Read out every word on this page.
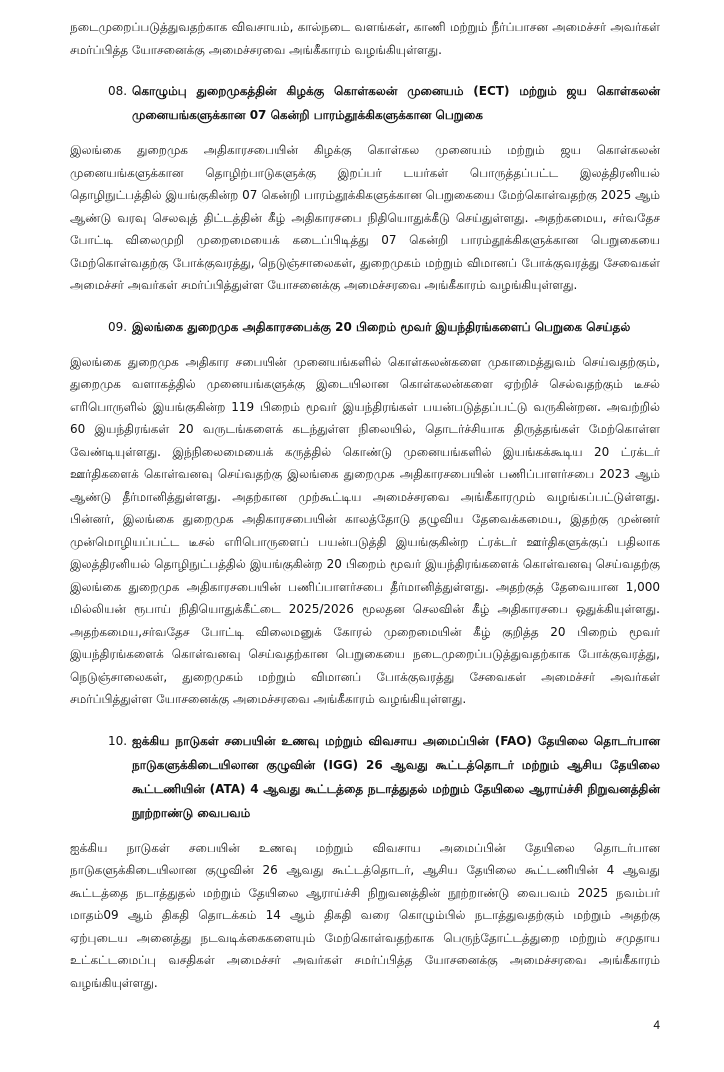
நடைமுறைப்படுத்துவதற்காக விவசாயம், கால்நடை வளங்கள், காணி மற்றும் நீர்ப்பாசன அமைச்சர் அவர்கள் சமர்ப்பித்த யோசனைக்கு அமைச்சரவை அங்கீகாரம் வழங்கியுள்ளது.

08. கொழும்பு துறைமுகத்தின் கிழக்கு கொள்கலன் முனையம் (ECT) மற்றும் ஜய கொள்கலன் முனையங்களுக்கான 07 கென்றி பாரம்தூக்கிகளுக்கான பெறுகை

இலங்கை துறைமுக அதிகாரசபையின் கிழக்கு கொள்கல முனையம் மற்றும் ஜய கொள்கலன் முனையங்களுக்கான தொழிற்பாடுகளுக்கு இறப்பர் டயர்கள் பொருத்தப்பட்ட இலத்திரனியல் தொழிநுட்பத்தில் இயங்குகின்ற 07 கென்றி பாரம்தூக்கிகளுக்கான பெறுகையை மேற்கொள்வதற்கு 2025 ஆம் ஆண்டு வரவு செலவுத் திட்டத்தின் கீழ் அதிகாரசபை நிதியொதுக்கீடு செய்துள்ளது. அதற்கமைய, சர்வதேச போட்டி விலைமுறி முறைமையைக் கடைப்பிடித்து 07 கென்றி பாரம்தூக்கிகளுக்கான பெறுகையை மேற்கொள்வதற்கு போக்குவரத்து, நெடுஞ்சாலைகள், துறைமுகம் மற்றும் விமானப் போக்குவரத்து சேவைகள் அமைச்சர் அவர்கள் சமர்ப்பித்துள்ள யோசனைக்கு அமைச்சரவை அங்கீகாரம் வழங்கியுள்ளது.

09. இலங்கை துறைமுக அதிகாரசபைக்கு 20 பிறைம் மூவர் இயந்திரங்களைப் பெறுகை செய்தல்

இலங்கை துறைமுக அதிகார சபையின் முனையங்களில் கொள்கலன்களை முகாமைத்துவம் செய்வதற்கும், துறைமுக வளாகத்தில் முனையங்களுக்கு இடையிலான கொள்கலன்களை ஏற்றிச் செல்வதற்கும் டீசல் எரிபொருளில் இயங்குகின்ற 119 பிறைம் மூவர் இயந்திரங்கள் பயன்படுத்தப்பட்டு வருகின்றன. அவற்றில் 60 இயந்திரங்கள் 20 வருடங்களைக் கடந்துள்ள நிலையில், தொடர்ச்சியாக திருத்தங்கள் மேற்கொள்ள வேண்டியுள்ளது. இந்நிலைமையைக் கருத்தில் கொண்டு முனையங்களில் இயங்கக்கூடிய 20 ட்ரக்டர் ஊர்திகளைக் கொள்வனவு செய்வதற்கு இலங்கை துறைமுக அதிகாரசபையின் பணிப்பாளர்சபை 2023 ஆம் ஆண்டு தீர்மானித்துள்ளது. அதற்கான முற்கூட்டிய அமைச்சரவை அங்கீகாரமும் வழங்கப்பட்டுள்ளது. பின்னர், இலங்கை துறைமுக அதிகாரசபையின் காலத்தோடு தழுவிய தேவைக்கமைய, இதற்கு முன்னர் முன்மொழியப்பட்ட டீசல் எரிபொருளைப் பயன்படுத்தி இயங்குகின்ற ட்ரக்டர் ஊர்திகளுக்குப் பதிலாக இலத்திரனியல் தொழிநுட்பத்தில் இயங்குகின்ற 20 பிறைம் மூவர் இயந்திரங்களைக் கொள்வனவு செய்வதற்கு இலங்கை துறைமுக அதிகாரசபையின் பணிப்பாளர்சபை தீர்மானித்துள்ளது. அதற்குத் தேவையான 1,000 மில்லியன் ரூபாய் நிதியொதுக்கீட்டை 2025/2026 மூலதன செலவின் கீழ் அதிகாரசபை ஒதுக்கியுள்ளது. அதற்கமைய,சர்வதேச போட்டி விலைமனுக் கோரல் முறைமையின் கீழ் குறித்த 20 பிறைம் மூவர் இயந்திரங்களைக் கொள்வனவு செய்வதற்கான பெறுகையை நடைமுறைப்படுத்துவதற்காக போக்குவரத்து, நெடுஞ்சாலைகள், துறைமுகம் மற்றும் விமானப் போக்குவரத்து சேவைகள் அமைச்சர் அவர்கள் சமர்ப்பித்துள்ள யோசனைக்கு அமைச்சரவை அங்கீகாரம் வழங்கியுள்ளது.

10. ஐக்கிய நாடுகள் சபையின் உணவு மற்றும் விவசாய அமைப்பின் (FAO) தேயிலை தொடர்பான நாடுகளுக்கிடையிலான குழுவின் (IGG) 26 ஆவது கூட்டத்தொடர் மற்றும் ஆசிய தேயிலை கூட்டணியின் (ATA) 4 ஆவது கூட்டத்தை நடாத்துதல் மற்றும் தேயிலை ஆராய்ச்சி நிறுவனத்தின் நூற்றாண்டு வைபவம்

ஐக்கிய நாடுகள் சபையின் உணவு மற்றும் விவசாய அமைப்பின் தேயிலை தொடர்பான நாடுகளுக்கிடையிலான குழுவின் 26 ஆவது கூட்டத்தொடர், ஆசிய தேயிலை கூட்டணியின் 4 ஆவது கூட்டத்தை நடாத்துதல் மற்றும் தேயிலை ஆராய்ச்சி நிறுவனத்தின் நூற்றாண்டு வைபவம் 2025 நவம்பர் மாதம்09 ஆம் திகதி தொடக்கம் 14 ஆம் திகதி வரை கொழும்பில் நடாத்துவதற்கும் மற்றும் அதற்கு ஏற்புடைய அனைத்து நடவடிக்கைகளையும் மேற்கொள்வதற்காக பெருந்தோட்டத்துறை மற்றும் சமுதாய உட்கட்டமைப்பு வசதிகள் அமைச்சர் அவர்கள் சமர்ப்பித்த யோசனைக்கு அமைச்சரவை அங்கீகாரம் வழங்கியுள்ளது.

4
